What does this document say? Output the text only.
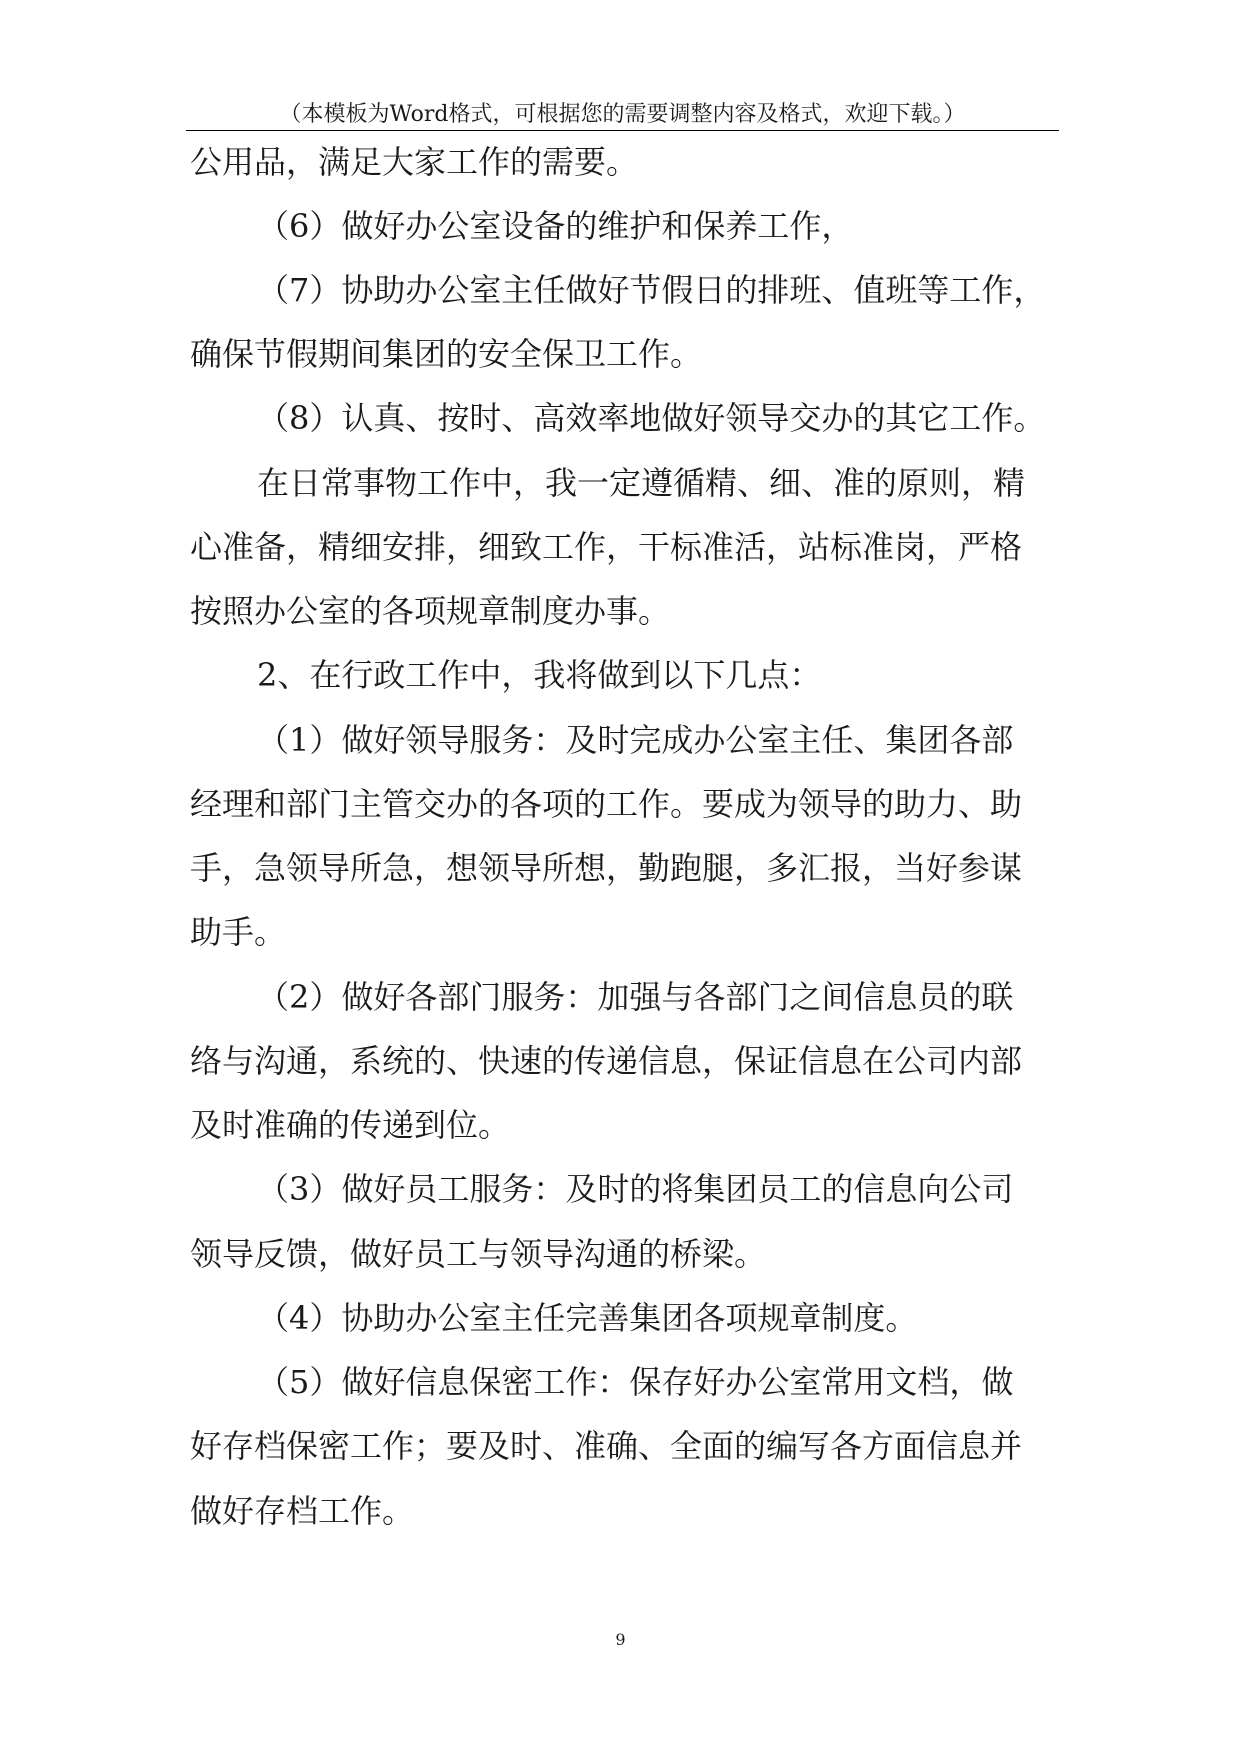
（本模板为Word格式，可根据您的需要调整内容及格式，欢迎下载。）
公用品，满足大家工作的需要。
（6）做好办公室设备的维护和保养工作，
（7）协助办公室主任做好节假日的排班、值班等工作，
确保节假期间集团的安全保卫工作。
（8）认真、按时、高效率地做好领导交办的其它工作。
在日常事物工作中，我一定遵循精、细、准的原则，精
心准备，精细安排，细致工作，干标准活，站标准岗，严格
按照办公室的各项规章制度办事。
2、在行政工作中，我将做到以下几点：
（1）做好领导服务：及时完成办公室主任、集团各部
经理和部门主管交办的各项的工作。要成为领导的助力、助
手，急领导所急，想领导所想，勤跑腿，多汇报，当好参谋
助手。
（2）做好各部门服务：加强与各部门之间信息员的联
络与沟通，系统的、快速的传递信息，保证信息在公司内部
及时准确的传递到位。
（3）做好员工服务：及时的将集团员工的信息向公司
领导反馈，做好员工与领导沟通的桥梁。
（4）协助办公室主任完善集团各项规章制度。
（5）做好信息保密工作：保存好办公室常用文档，做
好存档保密工作；要及时、准确、全面的编写各方面信息并
做好存档工作。
9
